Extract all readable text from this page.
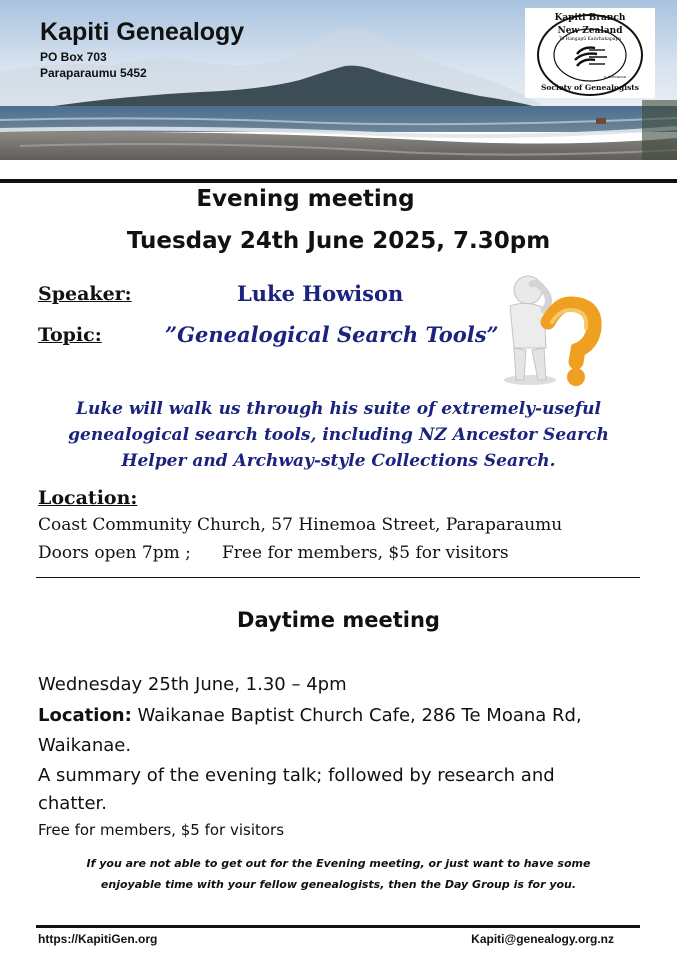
Kapiti Genealogy
PO Box 703
Paraparaumu 5452
Kapiti Branch
New Zealand
Te Rangapū Kaiwhakapapa
o Aotearoa
Society of Genealogists
Evening meeting
Tuesday 24th June 2025, 7.30pm
Speaker:	Luke Howison
Topic:	”Genealogical Search Tools”
Luke will walk us through his suite of extremely-useful
genealogical search tools, including NZ Ancestor Search
Helper and Archway-style Collections Search.
Location:
Coast Community Church, 57 Hinemoa Street, Paraparaumu
Doors open 7pm ; Free for members, $5 for visitors
Daytime meeting
Wednesday 25th June, 1.30 – 4pm
Location: Waikanae Baptist Church Cafe, 286 Te Moana Rd,
Waikanae.
A summary of the evening talk; followed by research and
chatter.
Free for members, $5 for visitors
If you are not able to get out for the Evening meeting, or just want to have some
enjoyable time with your fellow genealogists, then the Day Group is for you.
https://KapitiGen.org	Kapiti@genealogy.org.nz
